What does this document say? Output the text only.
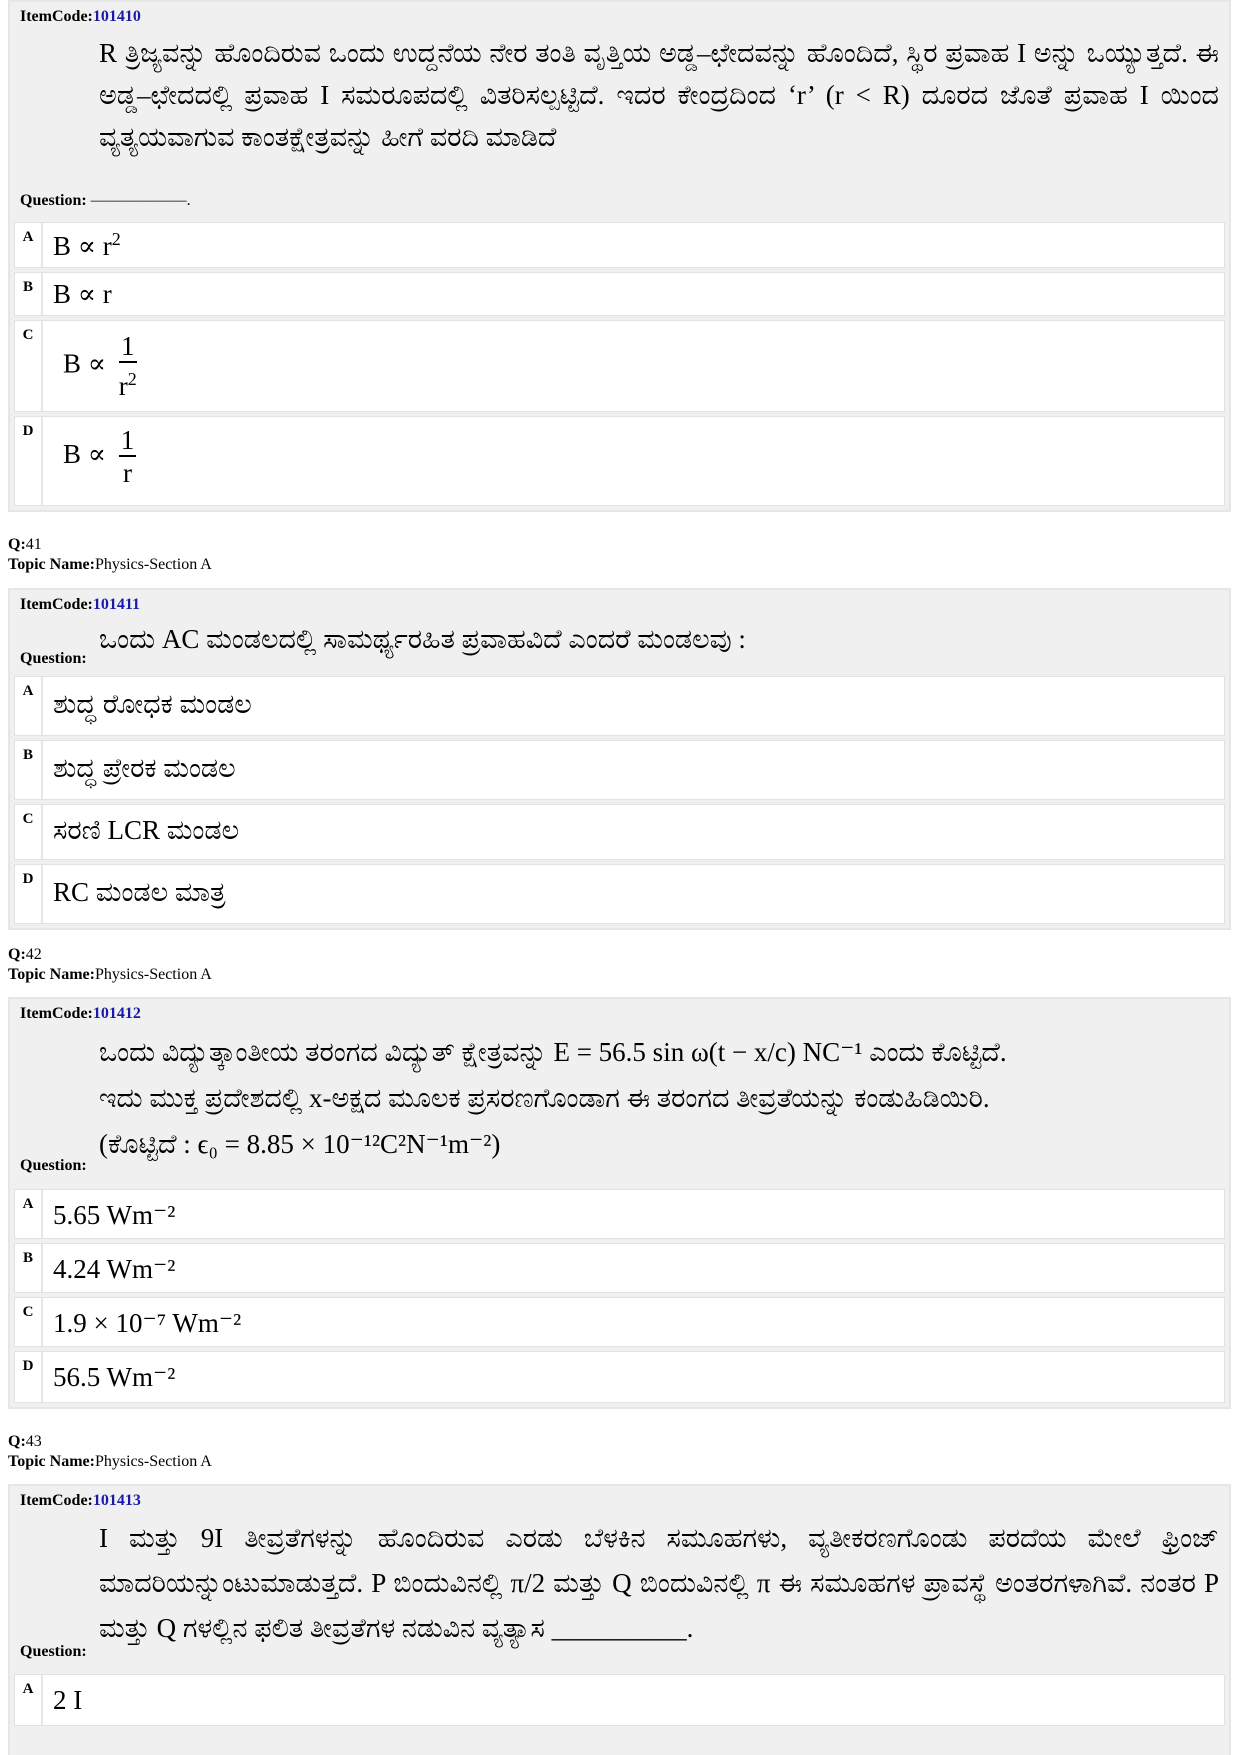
ItemCode:101410
R ತ್ರಿಜ್ಯವನ್ನು ಹೊಂದಿರುವ ಒಂದು ಉದ್ದನೆಯ ನೇರ ತಂತಿ ವೃತ್ತಿಯ ಅಡ್ಡ–ಛೇದವನ್ನು ಹೊಂದಿದೆ, ಸ್ಥಿರ ಪ್ರವಾಹ I ಅನ್ನು ಒಯ್ಯುತ್ತದೆ. ಈ ಅಡ್ಡ–ಛೇದದಲ್ಲಿ ಪ್ರವಾಹ I ಸಮರೂಪದಲ್ಲಿ ವಿತರಿಸಲ್ಪಟ್ಟಿದೆ. ಇದರ ಕೇಂದ್ರದಿಂದ ‘r’ (r < R) ದೂರದ ಜೊತೆ ಪ್ರವಾಹ I ಯಿಂದ ವ್ಯತ್ಯಯವಾಗುವ ಕಾಂತಕ್ಷೇತ್ರವನ್ನು ಹೀಗೆ ವರದಿ ಮಾಡಿದೆ
Question: ——————.
A $B \propto r^2$
B B ∝ r
C
$B \propto \frac{1}{r^2}$
D
$B \propto \frac{1}{r}$
Q:41
Topic Name:Physics-Section A
ItemCode:101411
ಒಂದು AC ಮಂಡಲದಲ್ಲಿ ಸಾಮರ್ಥ್ಯರಹಿತ ಪ್ರವಾಹವಿದೆ ಎಂದರೆ ಮಂಡಲವು :
Question:
A ಶುದ್ಧ ರೋಧಕ ಮಂಡಲ
B ಶುದ್ಧ ಪ್ರೇರಕ ಮಂಡಲ
C ಸರಣಿ LCR ಮಂಡಲ
D RC ಮಂಡಲ ಮಾತ್ರ
Q:42
Topic Name:Physics-Section A
ItemCode:101412
ಒಂದು ವಿದ್ಯುತ್ಕಾಂತೀಯ ತರಂಗದ ವಿದ್ಯುತ್ ಕ್ಷೇತ್ರವನ್ನು E = 56.5 sin ω(t − x/c) NC⁻¹ ಎಂದು ಕೊಟ್ಟಿದೆ.
ಇದು ಮುಕ್ತ ಪ್ರದೇಶದಲ್ಲಿ x-ಅಕ್ಷದ ಮೂಲಕ ಪ್ರಸರಣಗೊಂಡಾಗ ಈ ತರಂಗದ ತೀವ್ರತೆಯನ್ನು ಕಂಡುಹಿಡಿಯಿರಿ.
(ಕೊಟ್ಟಿದೆ : ϵ₀ = 8.85 × 10⁻¹²C²N⁻¹m⁻²)
Question:
A 5.65 Wm⁻²
B 4.24 Wm⁻²
C 1.9 × 10⁻⁷ Wm⁻²
D 56.5 Wm⁻²
Q:43
Topic Name:Physics-Section A
ItemCode:101413
I ಮತ್ತು 9I ತೀವ್ರತೆಗಳನ್ನು ಹೊಂದಿರುವ ಎರಡು ಬೆಳಕಿನ ಸಮೂಹಗಳು, ವ್ಯತೀಕರಣಗೊಂಡು ಪರದೆಯ ಮೇಲೆ ಫ್ರಿಂಜ್ ಮಾದರಿಯನ್ನುಂಟುಮಾಡುತ್ತದೆ. P ಬಿಂದುವಿನಲ್ಲಿ π/2 ಮತ್ತು Q ಬಿಂದುವಿನಲ್ಲಿ π ಈ ಸಮೂಹಗಳ ಪ್ರಾವಸ್ಥೆ ಅಂತರಗಳಾಗಿವೆ. ನಂತರ P ಮತ್ತು Q ಗಳಲ್ಲಿನ ಫಲಿತ ತೀವ್ರತೆಗಳ ನಡುವಿನ ವ್ಯತ್ಯಾಸ __________.
Question:
A 2 I
